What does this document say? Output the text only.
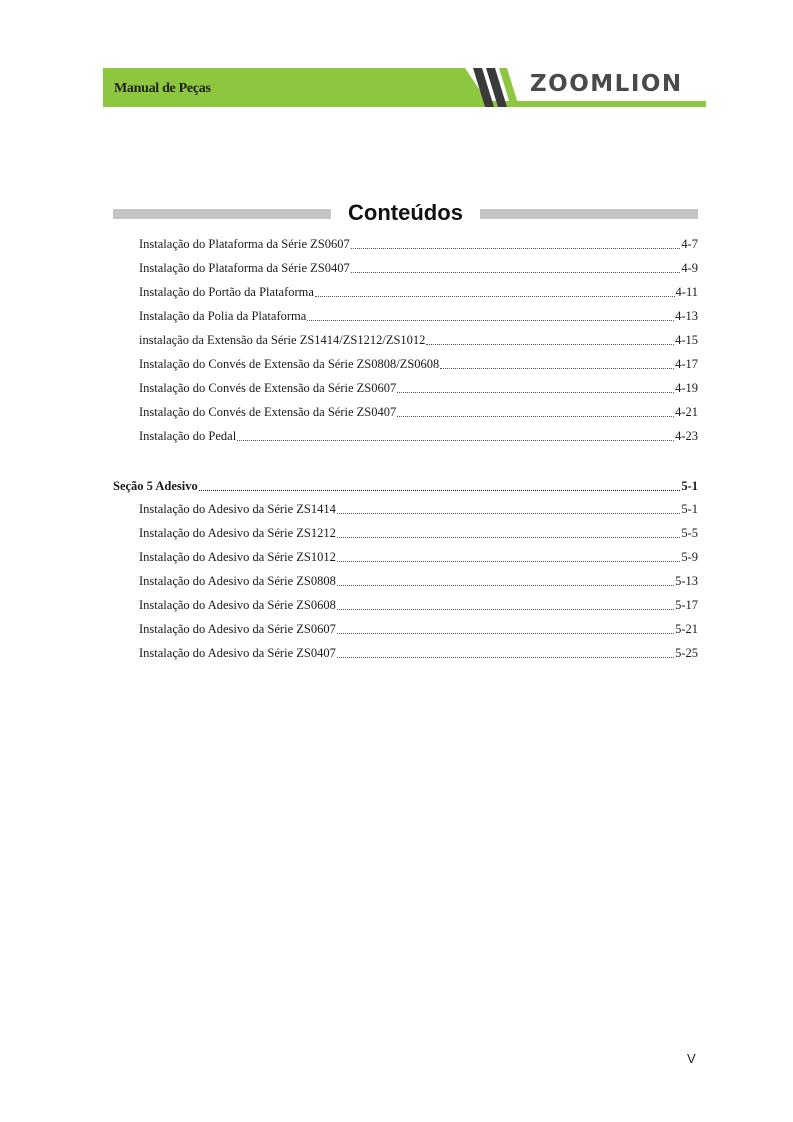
Manual de Peças	ZOOMLION
Conteúdos
Instalação do Plataforma da Série ZS0607	4-7
Instalação do Plataforma da Série ZS0407	4-9
Instalação do Portão da Plataforma	4-11
Instalação da Polia da Plataforma	4-13
instalação da Extensão da Série ZS1414/ZS1212/ZS1012	4-15
Instalação do Convés de Extensão da Série ZS0808/ZS0608	4-17
Instalação do Convés de Extensão da Série ZS0607	4-19
Instalação do Convés de Extensão da Série ZS0407	4-21
Instalação do Pedal	4-23
Seção 5 Adesivo	5-1
Instalação do Adesivo da Série ZS1414	5-1
Instalação do Adesivo da Série ZS1212	5-5
Instalação do Adesivo da Série ZS1012	5-9
Instalação do Adesivo da Série ZS0808	5-13
Instalação do Adesivo da Série ZS0608	5-17
Instalação do Adesivo da Série ZS0607	5-21
Instalação do Adesivo da Série ZS0407	5-25
V
